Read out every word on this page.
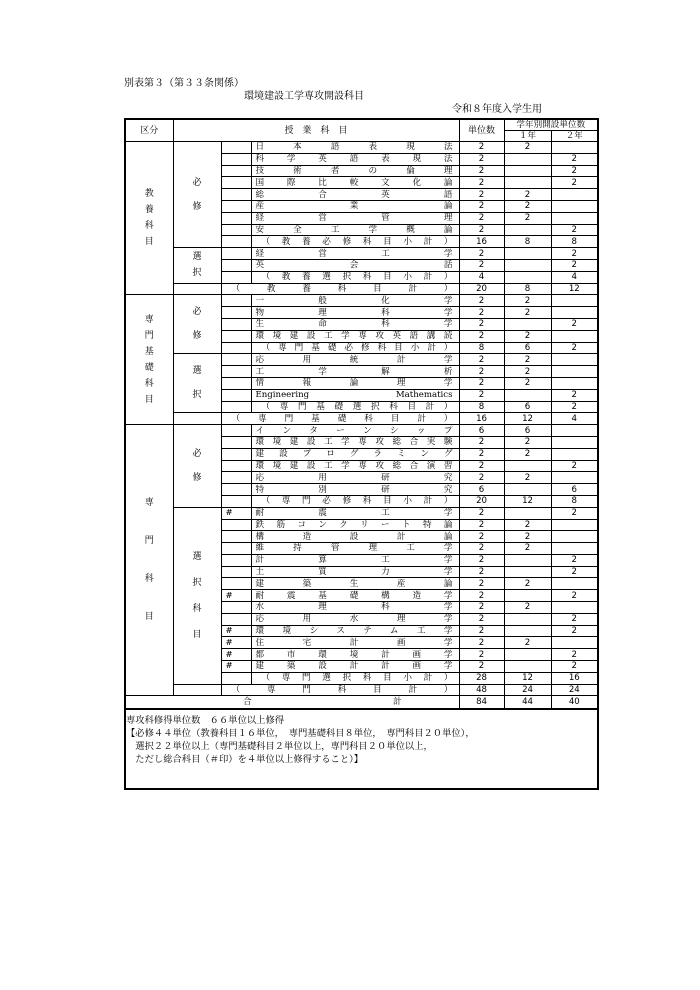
別表第３（第３３条関係）
環境建設工学専攻開設科目
令和８年度入学生用
区分	授　業　科　目			単位数	学年別開設単位数	
					１年	２年
教養科目	必修		日本語表現法	2	2	
			科学英語表現法	2		2
			技術者の倫理	2		2
			国際比較文化論	2		2
			総合英語	2	2	
			産業論	2	2	
			経営管理	2	2	
			安全工学概論	2		2
			（教養必修科目小計）	16	8	8
	選択		経営工学	2		2
			英会話	2		2
			（教養選択科目小計）	4		4
		（教養科目計）		20	8	12
専門基礎科目	必修		一般化学	2	2	
			物理科学	2	2	
			生命科学	2		2
			環境建設工学専攻英語講読	2	2	
			（専門基礎必修科目小計）	8	6	2
	選択		応用統計学	2	2	
			工学解析	2	2	
			情報論理学	2	2	
			Engineering Mathematics	2		2
			（専門基礎選択科目計）	8	6	2
		（専門基礎科目計）		16	12	4
専門科目	必修		インターンシップ	6	6	
			環境建設工学専攻総合実験	2	2	
			建設プログラミング	2	2	
			環境建設工学専攻総合演習	2		2
			応用研究	2	2	
			特別研究	6		6
			（専門必修科目小計）	20	12	8
	選択科目	#	耐震工学	2		2
			鉄筋コンクリート特論	2	2	
			構造設計論	2	2	
			維持管理工学	2	2	
			計算工学	2		2
			土質力学	2		2
			建築生産論	2	2	
		#	耐震基礎構造学	2		2
			水理科学	2	2	
			応用水理学	2		2
		#	環境システム工学	2		2
		#	住宅計画学	2	2	
		#	都市環境計画学	2		2
		#	建築設計計画学	2		2
			（専門選択科目小計）	28	12	16
		（専門科目計）		48	24	24
合 計				84	44	40
専攻科修得単位数　６６単位以上修得
【必修４４単位（教養科目１６単位，　専門基礎科目８単位，　専門科目２０単位），
　選択２２単位以上（専門基礎科目２単位以上，専門科目２０単位以上，
　ただし総合科目（＃印）を４単位以上修得すること）】
